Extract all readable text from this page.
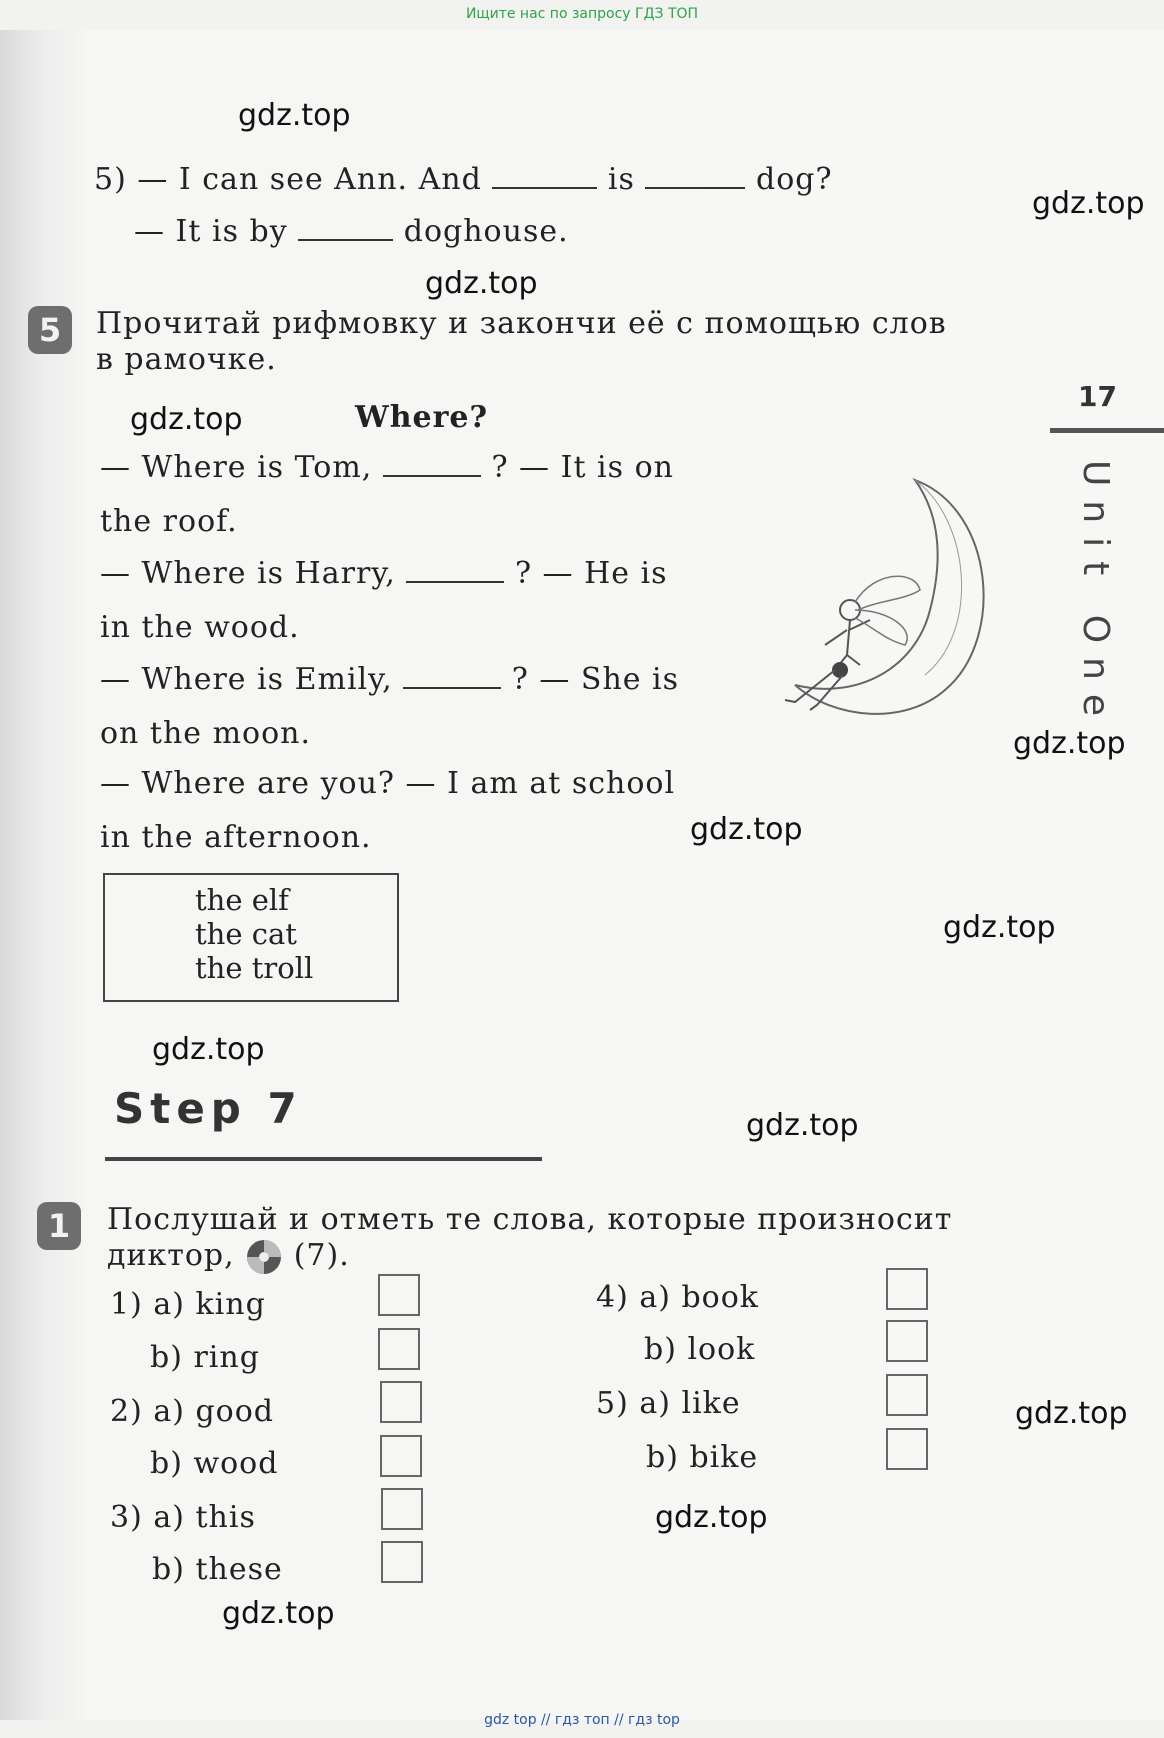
Ищите нас по запросу ГДЗ ТОП
5) — I can see Ann. And	is	dog?
— It is by	doghouse.
5	Прочитай рифмовку и закончи её с помощью слов
в рамочке.
Where?
— Where is Tom,	? — It is on
the roof.
— Where is Harry,	? — He is
in the wood.
— Where is Emily,	? — She is
on the moon.
— Where are you? — I am at school
in the afternoon.
the elf
the cat
the troll
Step 7
1	Послушай и отметь те слова, которые произносит
диктор, (7).
1) a) king
b) ring
2) a) good
b) wood
3) a) this
b) these
4) a) book
b) look
5) a) like
b) bike
17
Unit One
gdz.top
gdz.top
gdz.top
gdz.top
gdz.top
gdz.top
gdz.top
gdz.top
gdz.top
gdz.top
gdz.top
gdz.top
gdz top // гдз топ // гдз top
